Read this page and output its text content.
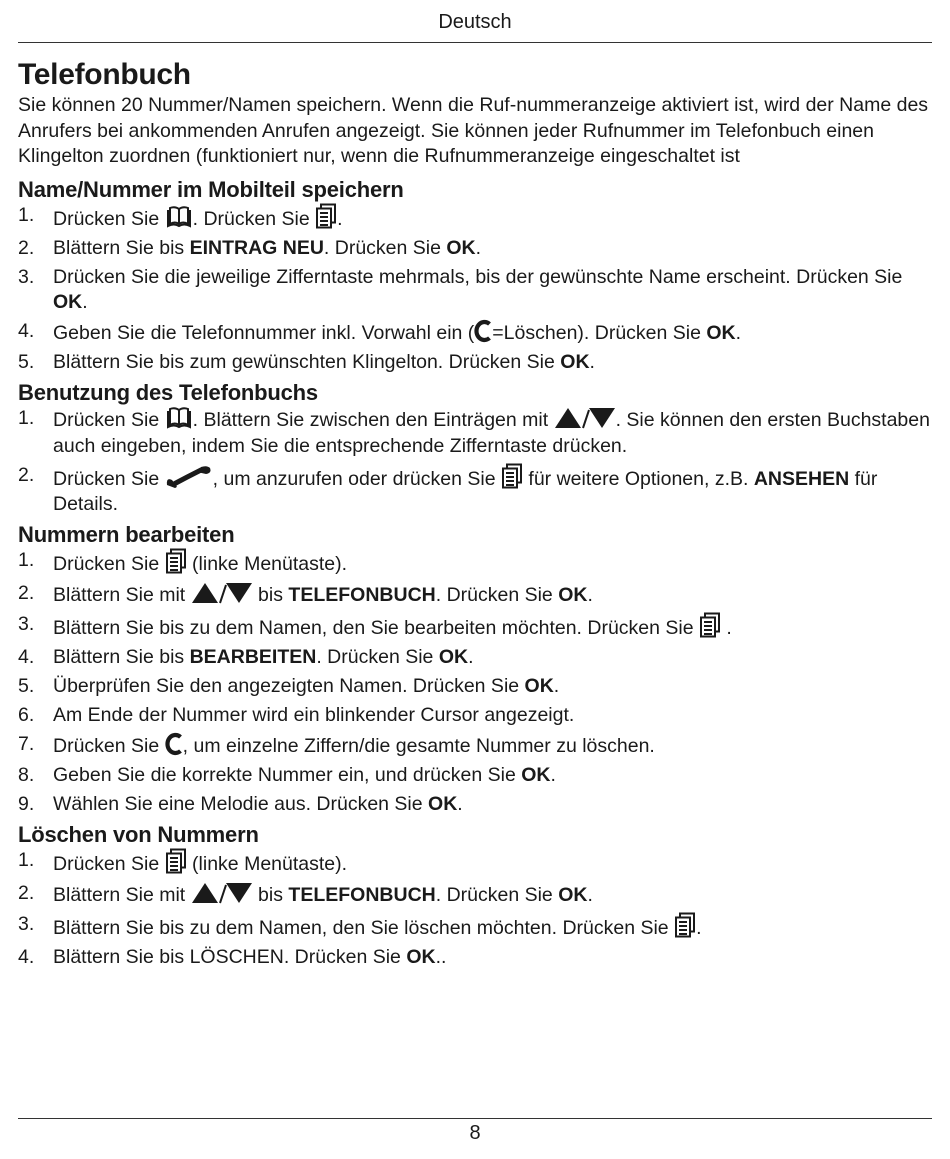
Deutsch
Telefonbuch

Sie können 20 Nummer/Namen speichern. Wenn die Ruf-nummeranzeige aktiviert ist, wird der Name des Anrufers bei ankommenden Anrufen angezeigt. Sie können jeder Rufnummer im Telefonbuch einen Klingelton zuordnen (funktioniert nur, wenn die Rufnummeranzeige eingeschaltet ist

Name/Nummer im Mobilteil speichern
1. Drücken Sie
. Drücken Sie
.
2. Blättern Sie bis EINTRAG NEU. Drücken Sie OK.
3. Drücken Sie die jeweilige Zifferntaste mehrmals, bis der gewünschte Name erscheint. Drücken Sie OK.
4. Geben Sie die Telefonnummer inkl. Vorwahl ein ( =Löschen). Drücken Sie OK.
5. Blättern Sie bis zum gewünschten Klingelton. Drücken Sie OK.
Benutzung des Telefonbuchs
1. Drücken Sie
. Blättern Sie zwischen den Einträgen mit	. Sie können den ersten Buchstaben auch eingeben, indem Sie die entsprechende Zifferntaste drücken.
2. Drücken Sie
, um anzurufen oder drücken Sie
für weitere Optionen, z.B. ANSEHEN für Details.
Nummern bearbeiten
1. Drücken Sie
(linke Menütaste).
2. Blättern Sie mit	bis TELEFONBUCH. Drücken Sie OK.
3. Blättern Sie bis zu dem Namen, den Sie bearbeiten möchten. Drücken Sie
.
4. Blättern Sie bis BEARBEITEN. Drücken Sie OK.
5. Überprüfen Sie den angezeigten Namen. Drücken Sie OK.
6. Am Ende der Nummer wird ein blinkender Cursor angezeigt.
7. Drücken Sie
, um einzelne Ziffern/die gesamte Nummer zu löschen.
8. Geben Sie die korrekte Nummer ein, und drücken Sie OK.
9. Wählen Sie eine Melodie aus. Drücken Sie OK.
Löschen von Nummern
1. Drücken Sie
(linke Menütaste).
2. Blättern Sie mit	bis TELEFONBUCH. Drücken Sie OK.
3. Blättern Sie bis zu dem Namen, den Sie löschen möchten. Drücken Sie
.
4. Blättern Sie bis LÖSCHEN. Drücken Sie OK..
8
